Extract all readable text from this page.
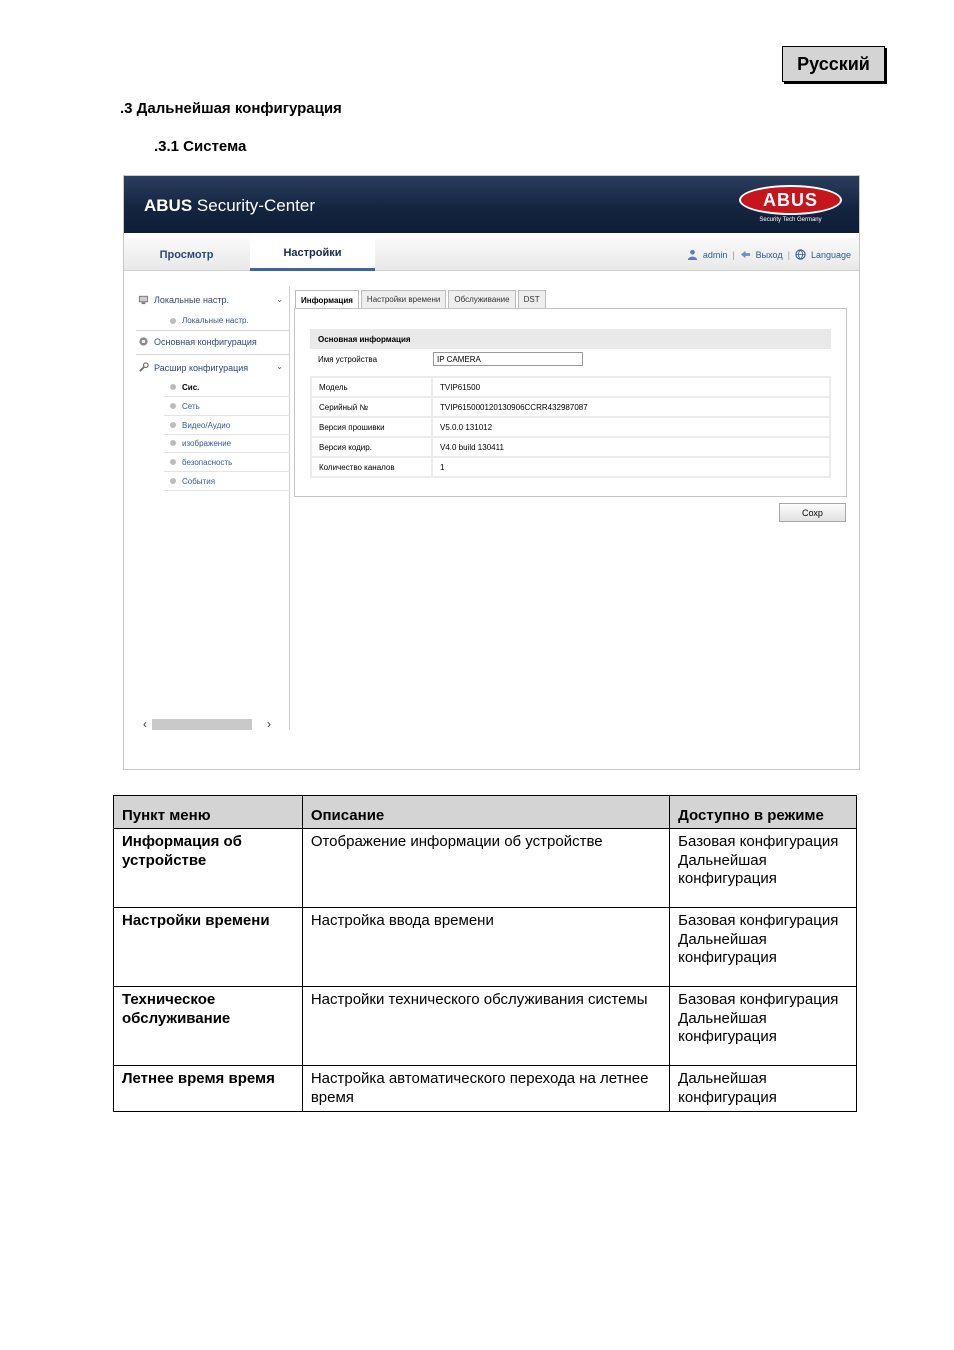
Русский
.3 Дальнейшая конфигурация
.3.1 Система
ABUS Security-Center	ABUS
Security Tech Germany
Просмотр	Настройки	admin | Выход | Language
Локальные настр.	⌄
Локальные настр.
Основная конфигурация
Расшир конфигурация	⌄
Сис.
Сеть
Видео/Аудио
изображение
безопасность
События
‹	›
Информация	Настройки времени	Обслуживание	DST
Основная информация
Имя устройства	IP CAMERA
Модель	TVIP61500
Серийный №	TVIP615000120130906CCRR432987087
Версия прошивки	V5.0.0 131012
Версия кодир.	V4.0 build 130411
Количество каналов	1
Сохр
Пункт меню	Описание	Доступно в режиме
Информация об устройстве	Отображение информации об устройстве	Базовая конфигурация Дальнейшая конфигурация
Настройки времени	Настройка ввода времени	Базовая конфигурация Дальнейшая конфигурация
Техническое обслуживание	Настройки технического обслуживания системы	Базовая конфигурация Дальнейшая конфигурация
Летнее время время	Настройка автоматического перехода на летнее время	Дальнейшая конфигурация
